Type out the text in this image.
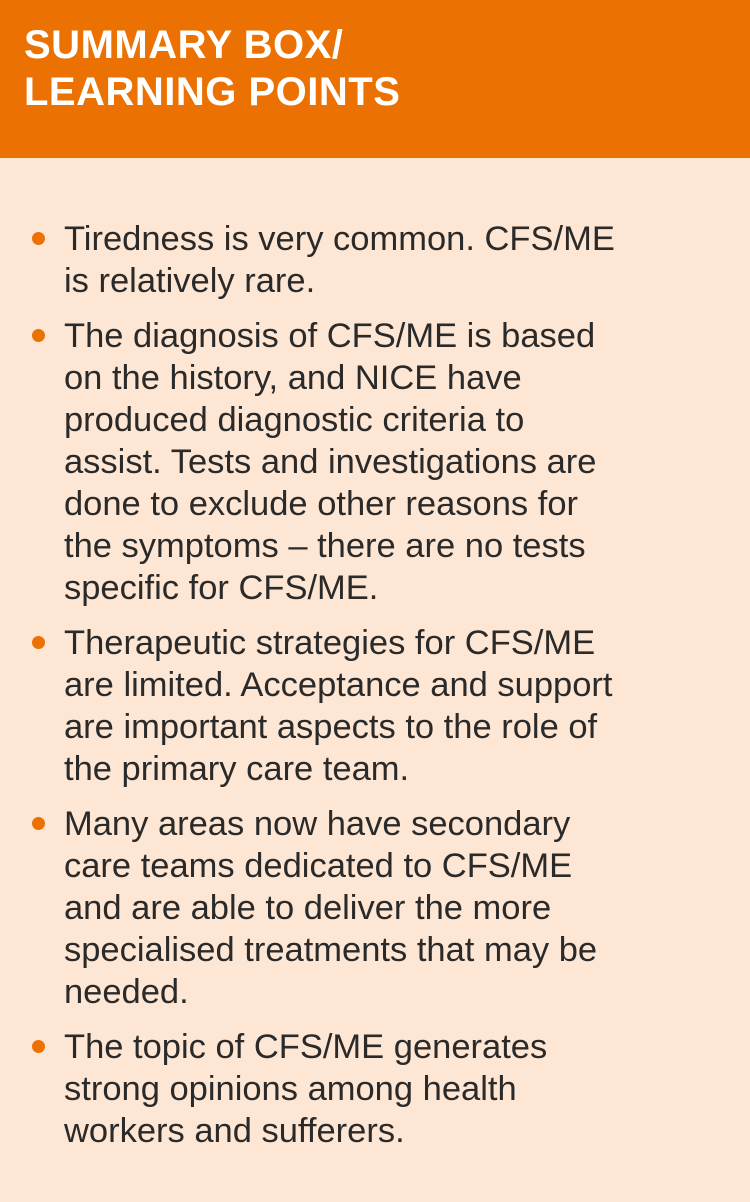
SUMMARY BOX/
LEARNING POINTS
Tiredness is very common. CFS/ME
is relatively rare.
The diagnosis of CFS/ME is based
on the history, and NICE have
produced diagnostic criteria to
assist. Tests and investigations are
done to exclude other reasons for
the symptoms – there are no tests
specific for CFS/ME.
Therapeutic strategies for CFS/ME
are limited. Acceptance and support
are important aspects to the role of
the primary care team.
Many areas now have secondary
care teams dedicated to CFS/ME
and are able to deliver the more
specialised treatments that may be
needed.
The topic of CFS/ME generates
strong opinions among health
workers and sufferers.
